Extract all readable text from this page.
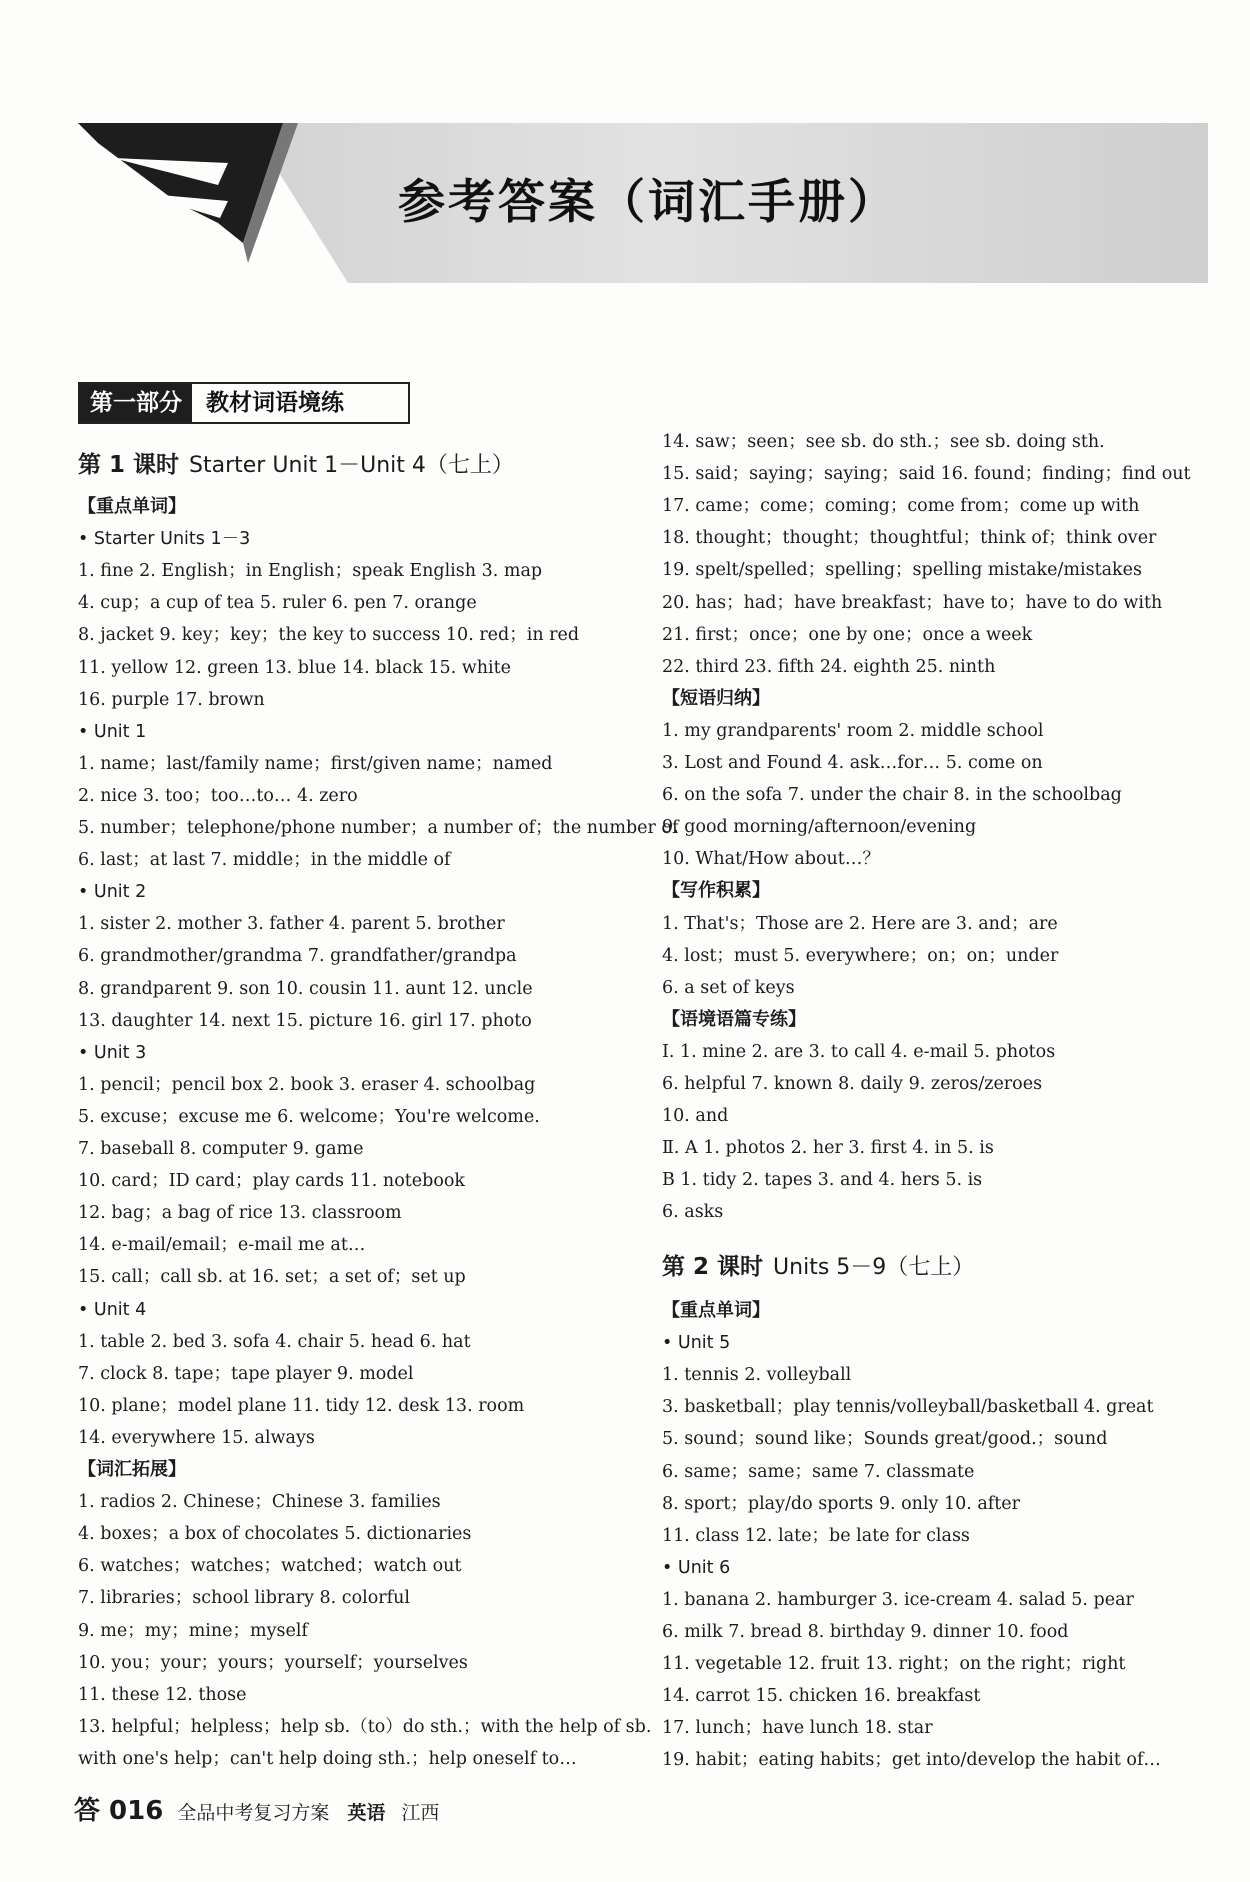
参考答案（词汇手册）
第一部分	教材词语境练
第 1 课时 Starter Unit 1－Unit 4（七上）
【重点单词】
• Starter Units 1－3
1. fine 2. English；in English；speak English 3. map
4. cup；a cup of tea 5. ruler 6. pen 7. orange
8. jacket 9. key；key；the key to success 10. red；in red
11. yellow 12. green 13. blue 14. black 15. white
16. purple 17. brown
• Unit 1
1. name；last/family name；first/given name；named
2. nice 3. too；too…to… 4. zero
5. number；telephone/phone number；a number of；the number of
6. last；at last 7. middle；in the middle of
• Unit 2
1. sister 2. mother 3. father 4. parent 5. brother
6. grandmother/grandma 7. grandfather/grandpa
8. grandparent 9. son 10. cousin 11. aunt 12. uncle
13. daughter 14. next 15. picture 16. girl 17. photo
• Unit 3
1. pencil；pencil box 2. book 3. eraser 4. schoolbag
5. excuse；excuse me 6. welcome；You're welcome.
7. baseball 8. computer 9. game
10. card；ID card；play cards 11. notebook
12. bag；a bag of rice 13. classroom
14. e-mail/email；e-mail me at…
15. call；call sb. at 16. set；a set of；set up
• Unit 4
1. table 2. bed 3. sofa 4. chair 5. head 6. hat
7. clock 8. tape；tape player 9. model
10. plane；model plane 11. tidy 12. desk 13. room
14. everywhere 15. always
【词汇拓展】
1. radios 2. Chinese；Chinese 3. families
4. boxes；a box of chocolates 5. dictionaries
6. watches；watches；watched；watch out
7. libraries；school library 8. colorful
9. me；my；mine；myself
10. you；your；yours；yourself；yourselves
11. these 12. those
13. helpful；helpless；help sb.（to）do sth.；with the help of sb.
with one's help；can't help doing sth.；help oneself to…
14. saw；seen；see sb. do sth.；see sb. doing sth.
15. said；saying；saying；said 16. found；finding；find out
17. came；come；coming；come from；come up with
18. thought；thought；thoughtful；think of；think over
19. spelt/spelled；spelling；spelling mistake/mistakes
20. has；had；have breakfast；have to；have to do with
21. first；once；one by one；once a week
22. third 23. fifth 24. eighth 25. ninth
【短语归纳】
1. my grandparents' room 2. middle school
3. Lost and Found 4. ask…for… 5. come on
6. on the sofa 7. under the chair 8. in the schoolbag
9. good morning/afternoon/evening
10. What/How about…？
【写作积累】
1. That's；Those are 2. Here are 3. and；are
4. lost；must 5. everywhere；on；on；under
6. a set of keys
【语境语篇专练】
Ⅰ. 1. mine 2. are 3. to call 4. e-mail 5. photos
6. helpful 7. known 8. daily 9. zeros/zeroes
10. and
Ⅱ. A 1. photos 2. her 3. first 4. in 5. is
B 1. tidy 2. tapes 3. and 4. hers 5. is
6. asks
第 2 课时 Units 5－9（七上）
【重点单词】
• Unit 5
1. tennis 2. volleyball
3. basketball；play tennis/volleyball/basketball 4. great
5. sound；sound like；Sounds great/good.；sound
6. same；same；same 7. classmate
8. sport；play/do sports 9. only 10. after
11. class 12. late；be late for class
• Unit 6
1. banana 2. hamburger 3. ice-cream 4. salad 5. pear
6. milk 7. bread 8. birthday 9. dinner 10. food
11. vegetable 12. fruit 13. right；on the right；right
14. carrot 15. chicken 16. breakfast
17. lunch；have lunch 18. star
19. habit；eating habits；get into/develop the habit of…
答 016 全品中考复习方案 英语 江西
